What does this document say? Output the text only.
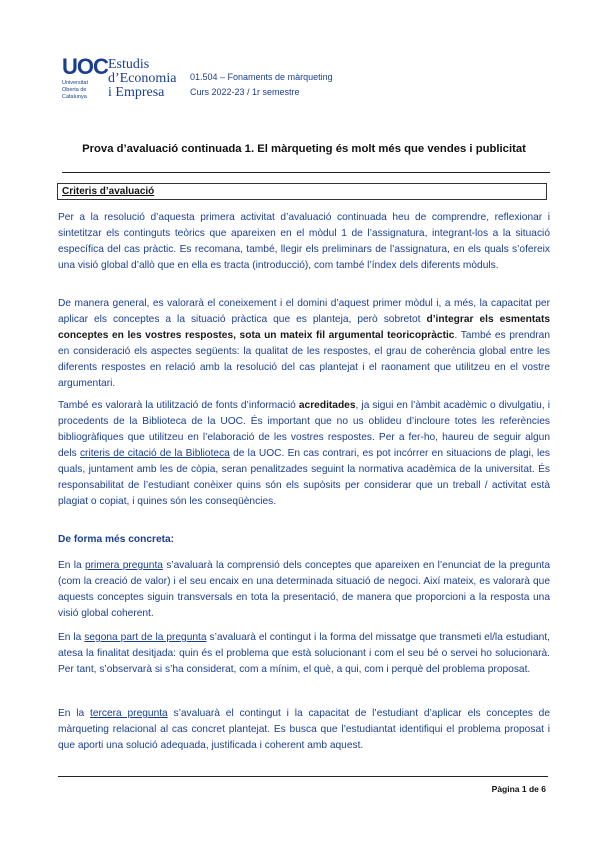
UOC
Universitat Oberta de Catalunya
Estudis
d’Economia
i Empresa
01.504 – Fonaments de màrqueting
Curs 2022-23 / 1r semestre
Prova d’avaluació continuada 1. El màrqueting és molt més que vendes i publicitat
Criteris d’avaluació

Per a la resolució d’aquesta primera activitat d’avaluació continuada heu de comprendre, reflexionar i sintetitzar els continguts teòrics que apareixen en el mòdul 1 de l’assignatura, integrant-los a la situació específica del cas pràctic. Es recomana, també, llegir els preliminars de l’assignatura, en els quals s’ofereix una visió global d’allò que en ella es tracta (introducció), com també l’índex dels diferents mòduls.

De manera general, es valorarà el coneixement i el domini d’aquest primer mòdul i, a més, la capacitat per aplicar els conceptes a la situació pràctica que es planteja, però sobretot d’integrar els esmentats conceptes en les vostres respostes, sota un mateix fil argumental teoricopràctic. També es prendran en consideració els aspectes següents: la qualitat de les respostes, el grau de coherència global entre les diferents respostes en relació amb la resolució del cas plantejat i el raonament que utilitzeu en el vostre argumentari.

També es valorarà la utilització de fonts d’informació acreditades, ja sigui en l’àmbit acadèmic o divulgatiu, i procedents de la Biblioteca de la UOC. És important que no us oblideu d’incloure totes les referències bibliogràfiques que utilitzeu en l’elaboració de les vostres respostes. Per a fer-ho, haureu de seguir algun dels criteris de citació de la Biblioteca de la UOC. En cas contrari, es pot incórrer en situacions de plagi, les quals, juntament amb les de còpia, seran penalitzades seguint la normativa acadèmica de la universitat. És responsabilitat de l’estudiant conèixer quins són els supòsits per considerar que un treball / activitat està plagiat o copiat, i quines són les conseqüències.

De forma més concreta:

En la primera pregunta s’avaluarà la comprensió dels conceptes que apareixen en l’enunciat de la pregunta (com la creació de valor) i el seu encaix en una determinada situació de negoci. Així mateix, es valorarà que aquests conceptes siguin transversals en tota la presentació, de manera que proporcioni a la resposta una visió global coherent.

En la segona part de la pregunta s’avaluarà el contingut i la forma del missatge que transmeti el/la estudiant, atesa la finalitat desitjada: quin és el problema que està solucionant i com el seu bé o servei ho solucionarà. Per tant, s’observarà si s’ha considerat, com a mínim, el què, a qui, com i perquè del problema proposat.

En la tercera pregunta s’avaluarà el contingut i la capacitat de l’estudiant d’aplicar els conceptes de màrqueting relacional al cas concret plantejat. Es busca que l’estudiantat identifiqui el problema proposat i que aporti una solució adequada, justificada i coherent amb aquest.

Pàgina 1 de 6
